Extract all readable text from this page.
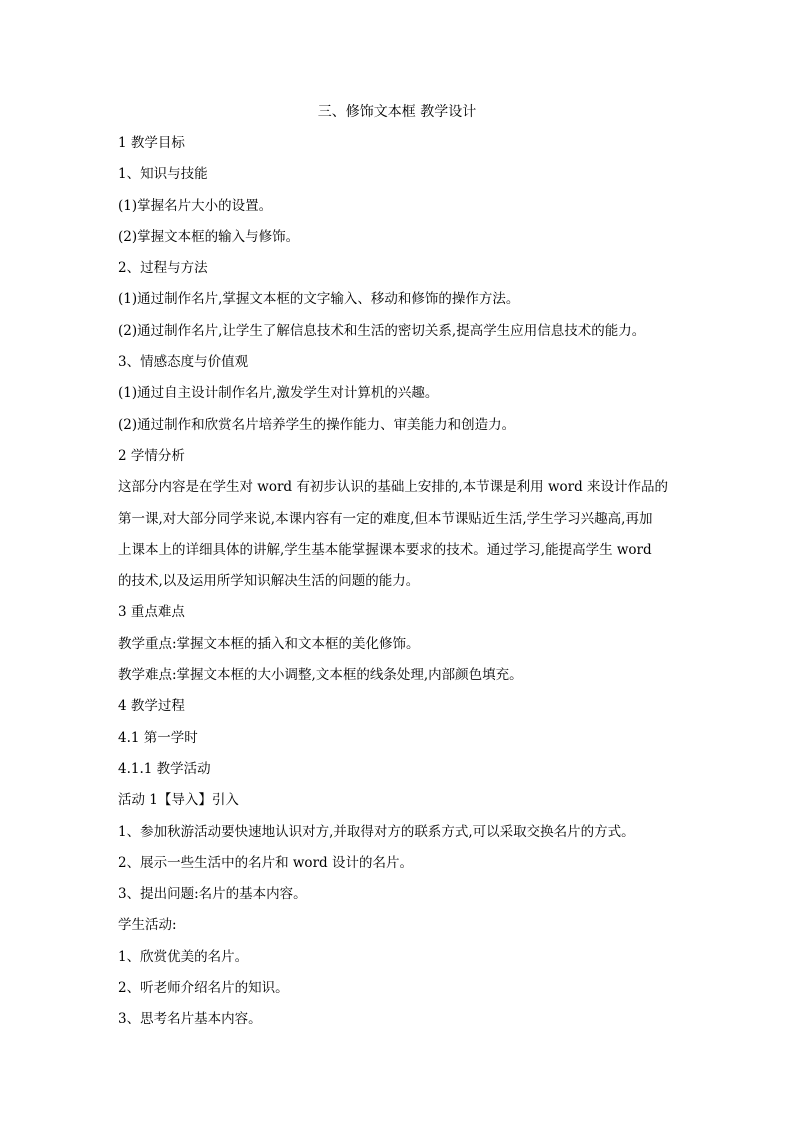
三、修饰文本框 教学设计
1 教学目标
1、知识与技能
(1)掌握名片大小的设置。
(2)掌握文本框的输入与修饰。
2、过程与方法
(1)通过制作名片,掌握文本框的文字输入、移动和修饰的操作方法。
(2)通过制作名片,让学生了解信息技术和生活的密切关系,提高学生应用信息技术的能力。
3、情感态度与价值观
(1)通过自主设计制作名片,激发学生对计算机的兴趣。
(2)通过制作和欣赏名片培养学生的操作能力、审美能力和创造力。
2 学情分析
这部分内容是在学生对 word 有初步认识的基础上安排的,本节课是利用 word 来设计作品的
第一课,对大部分同学来说,本课内容有一定的难度,但本节课贴近生活,学生学习兴趣高,再加
上课本上的详细具体的讲解,学生基本能掌握课本要求的技术。通过学习,能提高学生 word
的技术,以及运用所学知识解决生活的问题的能力。
3 重点难点
教学重点:掌握文本框的插入和文本框的美化修饰。
教学难点:掌握文本框的大小调整,文本框的线条处理,内部颜色填充。
4 教学过程
4.1 第一学时
4.1.1 教学活动
活动 1【导入】引入
1、参加秋游活动要快速地认识对方,并取得对方的联系方式,可以采取交换名片的方式。
2、展示一些生活中的名片和 word 设计的名片。
3、提出问题:名片的基本内容。
学生活动:
1、欣赏优美的名片。
2、听老师介绍名片的知识。
3、思考名片基本内容。
